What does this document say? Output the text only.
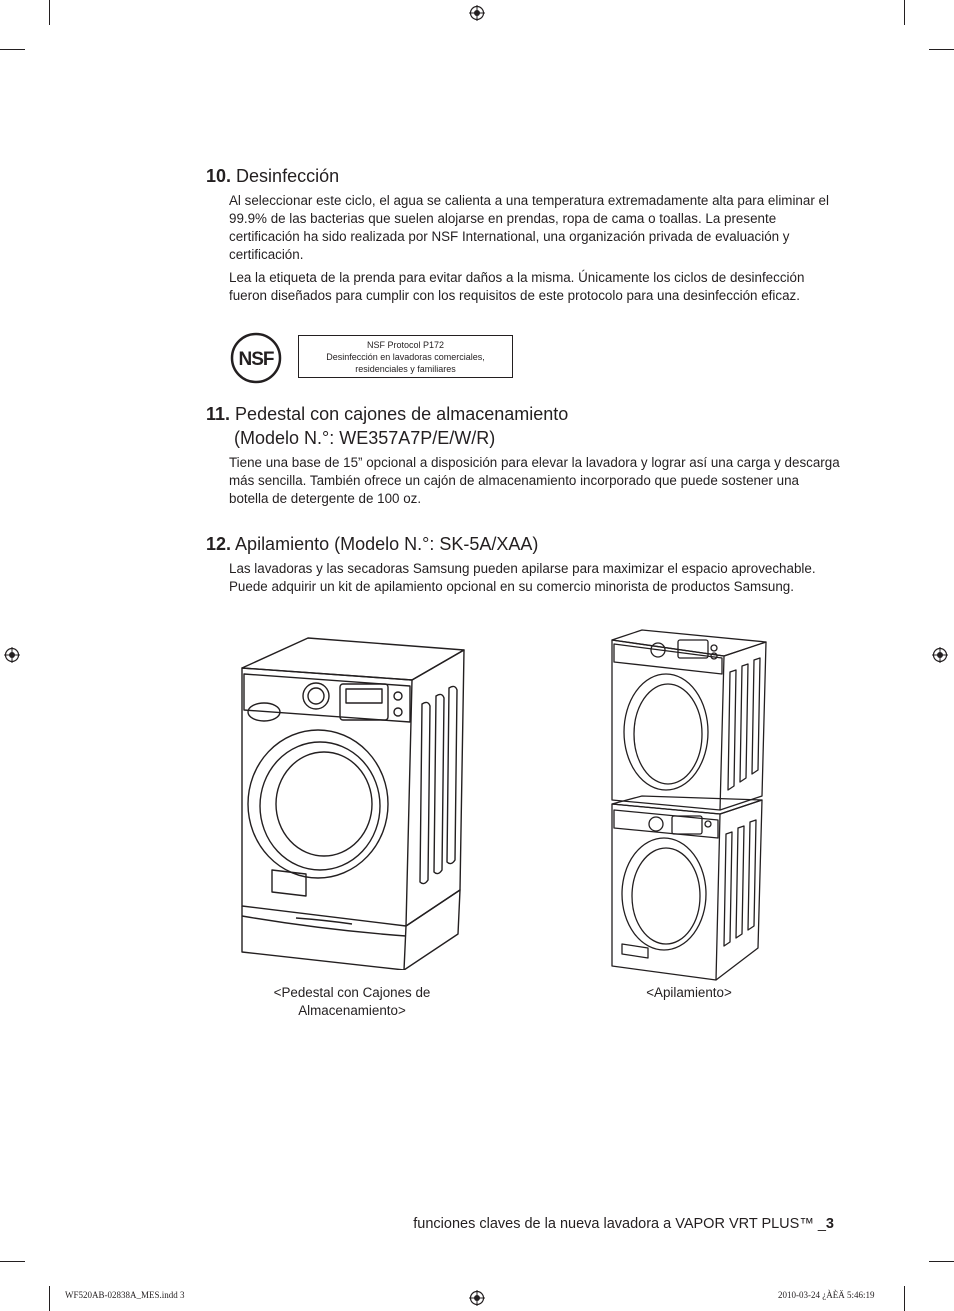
10. Desinfección

Al seleccionar este ciclo, el agua se calienta a una temperatura extremadamente alta para eliminar el 99.9% de las bacterias que suelen alojarse en prendas, ropa de cama o toallas. La presente certificación ha sido realizada por NSF International, una organización privada de evaluación y certificación.

Lea la etiqueta de la prenda para evitar daños a la misma. Únicamente los ciclos de desinfección fueron diseñados para cumplir con los requisitos de este protocolo para una desinfección eficaz.

NSF
NSF Protocol P172
Desinfección en lavadoras comerciales,
residenciales y familiares
11. Pedestal con cajones de almacenamiento
(Modelo N.°: WE357A7P/E/W/R)

Tiene una base de 15” opcional a disposición para elevar la lavadora y lograr así una carga y descarga más sencilla. También ofrece un cajón de almacenamiento incorporado que puede sostener una botella de detergente de 100 oz.

12. Apilamiento (Modelo N.°: SK-5A/XAA)

Las lavadoras y las secadoras Samsung pueden apilarse para maximizar el espacio aprovechable. Puede adquirir un kit de apilamiento opcional en su comercio minorista de productos Samsung.

<Pedestal con Cajones de
Almacenamiento>
<Apilamiento>
funciones claves de la nueva lavadora a VAPOR VRT PLUS™ _3
WF520AB-02838A_MES.indd 3	2010-03-24 ¿ÀÈÄ 5:46:19
